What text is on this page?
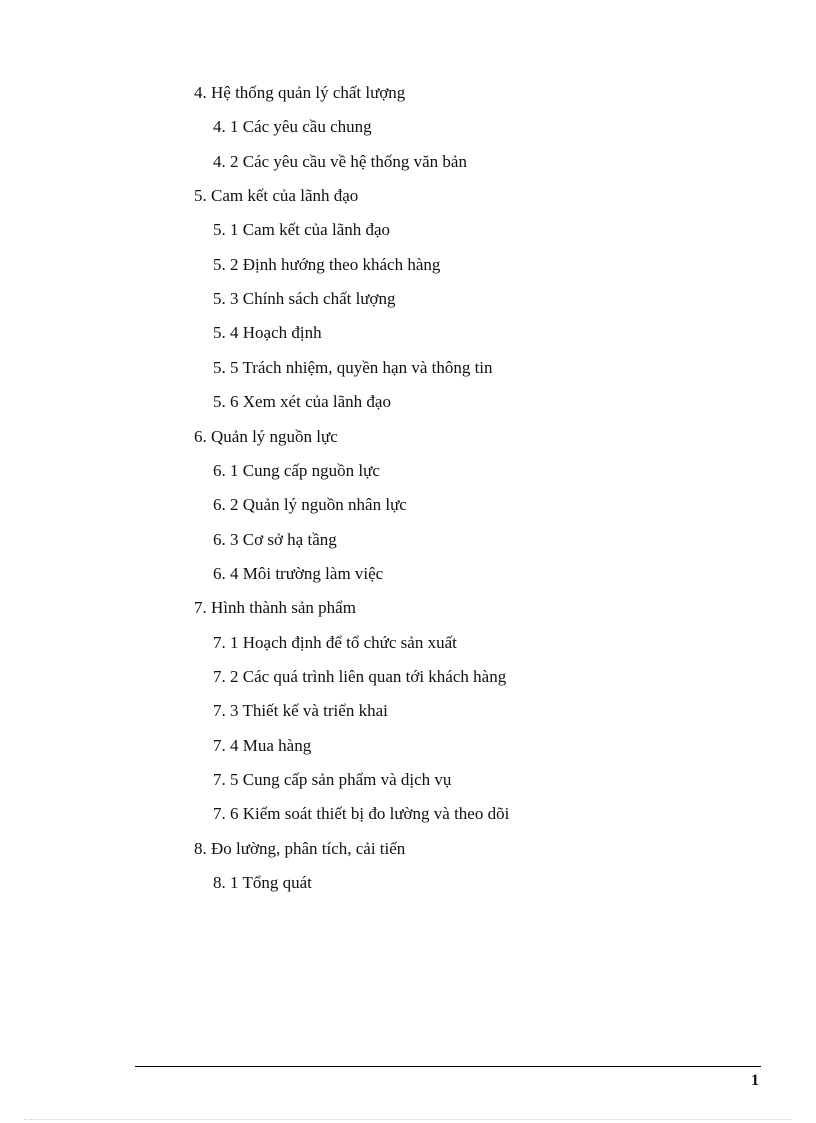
4. Hệ thống quản lý chất lượng
4. 1 Các yêu cầu chung
4. 2 Các yêu cầu về hệ thống văn bản
5. Cam kết của lãnh đạo
5. 1 Cam kết của lãnh đạo
5. 2 Định hướng theo khách hàng
5. 3 Chính sách chất lượng
5. 4 Hoạch định
5. 5 Trách nhiệm, quyền hạn và thông tin
5. 6 Xem xét của lãnh đạo
6. Quản lý nguồn lực
6. 1 Cung cấp nguồn lực
6. 2 Quản lý nguồn nhân lực
6. 3 Cơ sở hạ tầng
6. 4 Môi trường làm việc
7. Hình thành sản phẩm
7. 1 Hoạch định để tổ chức sản xuất
7. 2 Các quá trình liên quan tới khách hàng
7. 3 Thiết kế và triển khai
7. 4 Mua hàng
7. 5 Cung cấp sản phẩm và dịch vụ
7. 6 Kiểm soát thiết bị đo lường và theo dõi
8. Đo lường, phân tích, cải tiến
8. 1 Tổng quát
1
